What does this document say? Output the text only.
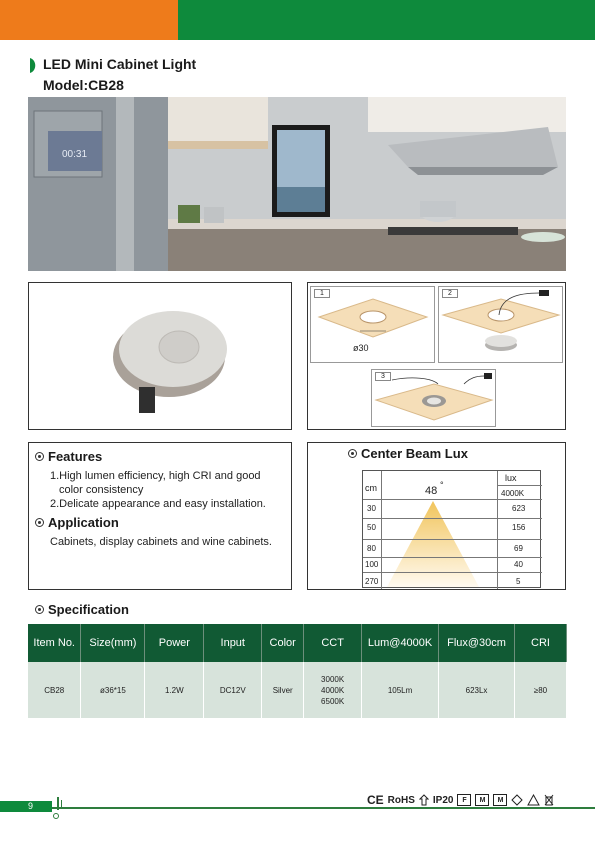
LED Mini Cabinet Light
Model:CB28
00:31
1
ø30
2
3
Features
1.High lumen efficiency, high CRI and good
color consistency
2.Delicate appearance and easy installation.
Application
Cabinets, display cabinets and wine cabinets.
Center Beam Lux
lux
cm	48 °
4000K
30	623
50	156
80	69
100	40
270	5
Specification
Item No.	Size(mm)	Power	Input	Color	CCT	Lum@4000K	Flux@30cm	CRI
CB28	ø36*15	1.2W	DC12V	Silver	3000K
4000K
6500K	105Lm	623Lx	≥80
9	CE RoHS IP20	F	M	M
